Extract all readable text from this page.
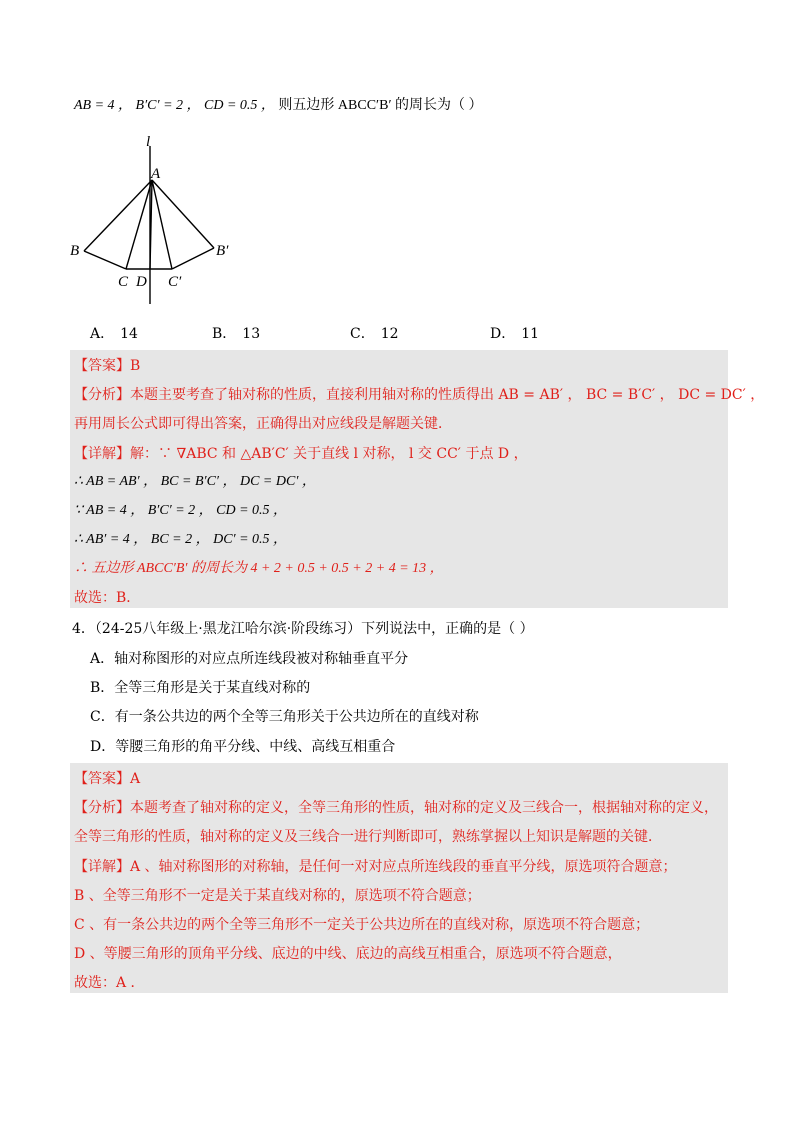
AB = 4 ， B′C′ = 2 ， CD = 0.5 ， 则五边形 ABCC′B′ 的周长为（ ）
l
A
B	B′
C D C′
A． 14	B． 13	C． 12	D． 11
【答案】B
【分析】本题主要考查了轴对称的性质，直接利用轴对称的性质得出 AB = AB′ ， BC = B′C′ ， DC = DC′ ，
再用周长公式即可得出答案，正确得出对应线段是解题关键．
【详解】解：∵ ∇ABC 和 △AB′C′ 关于直线 l 对称， l 交 CC′ 于点 D ，
∴ AB = AB′ ， BC = B′C′ ， DC = DC′ ，
∵ AB = 4 ， B′C′ = 2 ， CD = 0.5 ，
∴ AB′ = 4 ， BC = 2 ， DC′ = 0.5 ，
∴ 五边形 ABCC′B′ 的周长为 4 + 2 + 0.5 + 0.5 + 2 + 4 = 13 ，
故选：B．
4．（24-25八年级上·黑龙江哈尔滨·阶段练习）下列说法中，正确的是（ ）
A．轴对称图形的对应点所连线段被对称轴垂直平分
B．全等三角形是关于某直线对称的
C．有一条公共边的两个全等三角形关于公共边所在的直线对称
D．等腰三角形的角平分线、中线、高线互相重合
【答案】A
【分析】本题考查了轴对称的定义，全等三角形的性质，轴对称的定义及三线合一，根据轴对称的定义，
全等三角形的性质，轴对称的定义及三线合一进行判断即可，熟练掌握以上知识是解题的关键．
【详解】A 、轴对称图形的对称轴，是任何一对对应点所连线段的垂直平分线，原选项符合题意；
B 、全等三角形不一定是关于某直线对称的，原选项不符合题意；
C 、有一条公共边的两个全等三角形不一定关于公共边所在的直线对称，原选项不符合题意；
D 、等腰三角形的顶角平分线、底边的中线、底边的高线互相重合，原选项不符合题意，
故选：A ．
